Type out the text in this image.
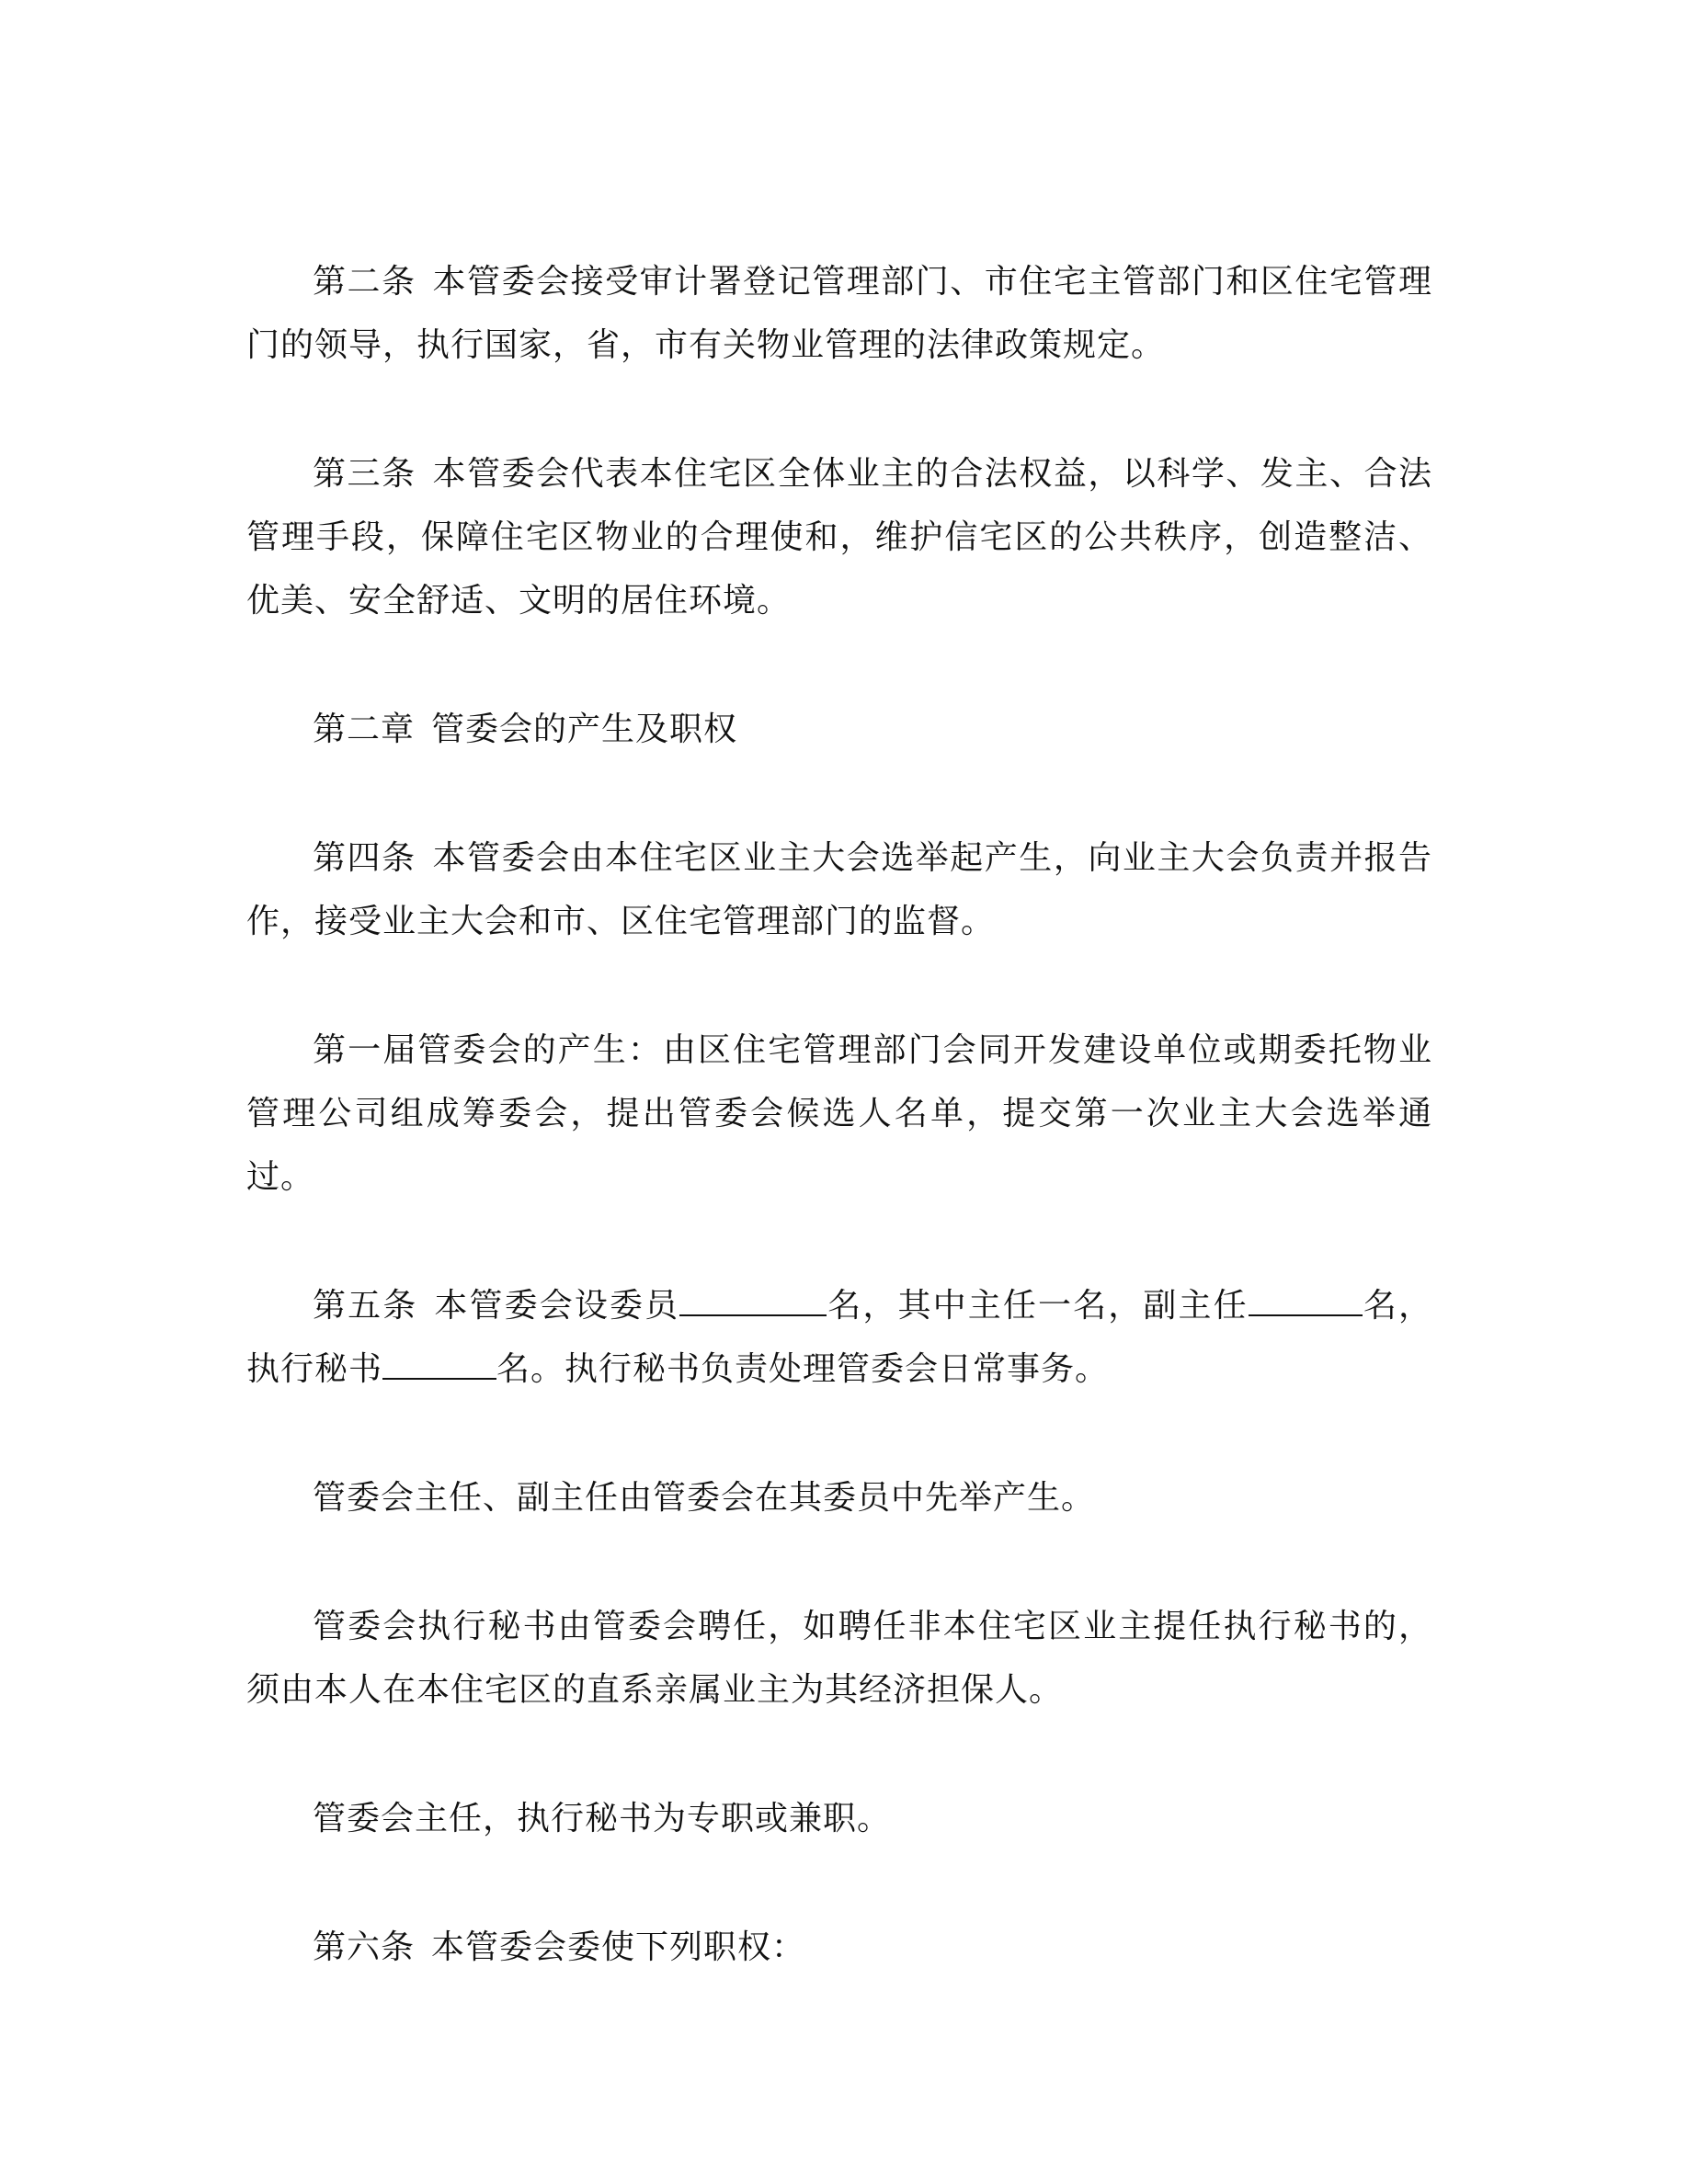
第二条 本管委会接受审计署登记管理部门、市住宅主管部门和区住宅管理门的领导，执行国家，省，市有关物业管理的法律政策规定。

第三条 本管委会代表本住宅区全体业主的合法权益，以科学、发主、合法管理手段，保障住宅区物业的合理使和，维护信宅区的公共秩序，创造整洁、优美、安全舒适、文明的居住环境。

第二章 管委会的产生及职权

第四条 本管委会由本住宅区业主大会选举起产生，向业主大会负责并报告作，接受业主大会和市、区住宅管理部门的监督。

第一届管委会的产生：由区住宅管理部门会同开发建设单位或期委托物业管理公司组成筹委会，提出管委会候选人名单，提交第一次业主大会选举通过。

第五条 本管委会设委员	名，其中主任一名，副主任	名，执行秘书	名。执行秘书负责处理管委会日常事务。

管委会主任、副主任由管委会在其委员中先举产生。

管委会执行秘书由管委会聘任，如聘任非本住宅区业主提任执行秘书的，须由本人在本住宅区的直系亲属业主为其经济担保人。

管委会主任，执行秘书为专职或兼职。

第六条 本管委会委使下列职权：
